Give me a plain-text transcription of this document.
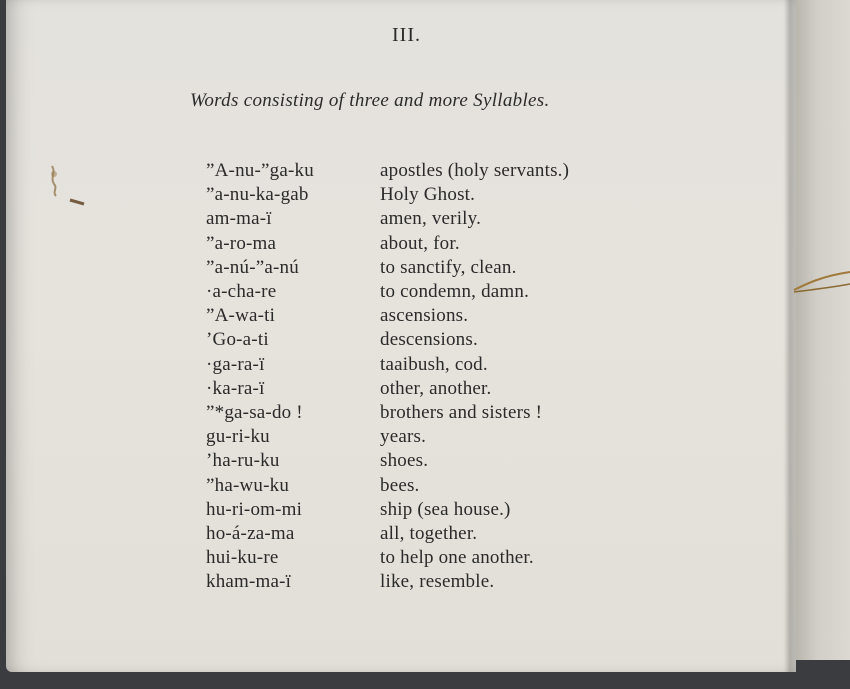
III.
Words consisting of three and more Syllables.
”A-nu-”ga-ku	apostles (holy servants.)
”a-nu-ka-gab	Holy Ghost.
am-ma-ï	amen, verily.
”a-ro-ma	about, for.
”a-nú-”a-nú	to sanctify, clean.
·a-cha-re	to condemn, damn.
”A-wa-ti	ascensions.
’Go-a-ti	descensions.
·ga-ra-ï	taaibush, cod.
·ka-ra-ï	other, another.
”*ga-sa-do !	brothers and sisters !
gu-ri-ku	years.
’ha-ru-ku	shoes.
”ha-wu-ku	bees.
hu-ri-om-mi	ship (sea house.)
ho-á-za-ma	all, together.
hui-ku-re	to help one another.
kham-ma-ï	like, resemble.
